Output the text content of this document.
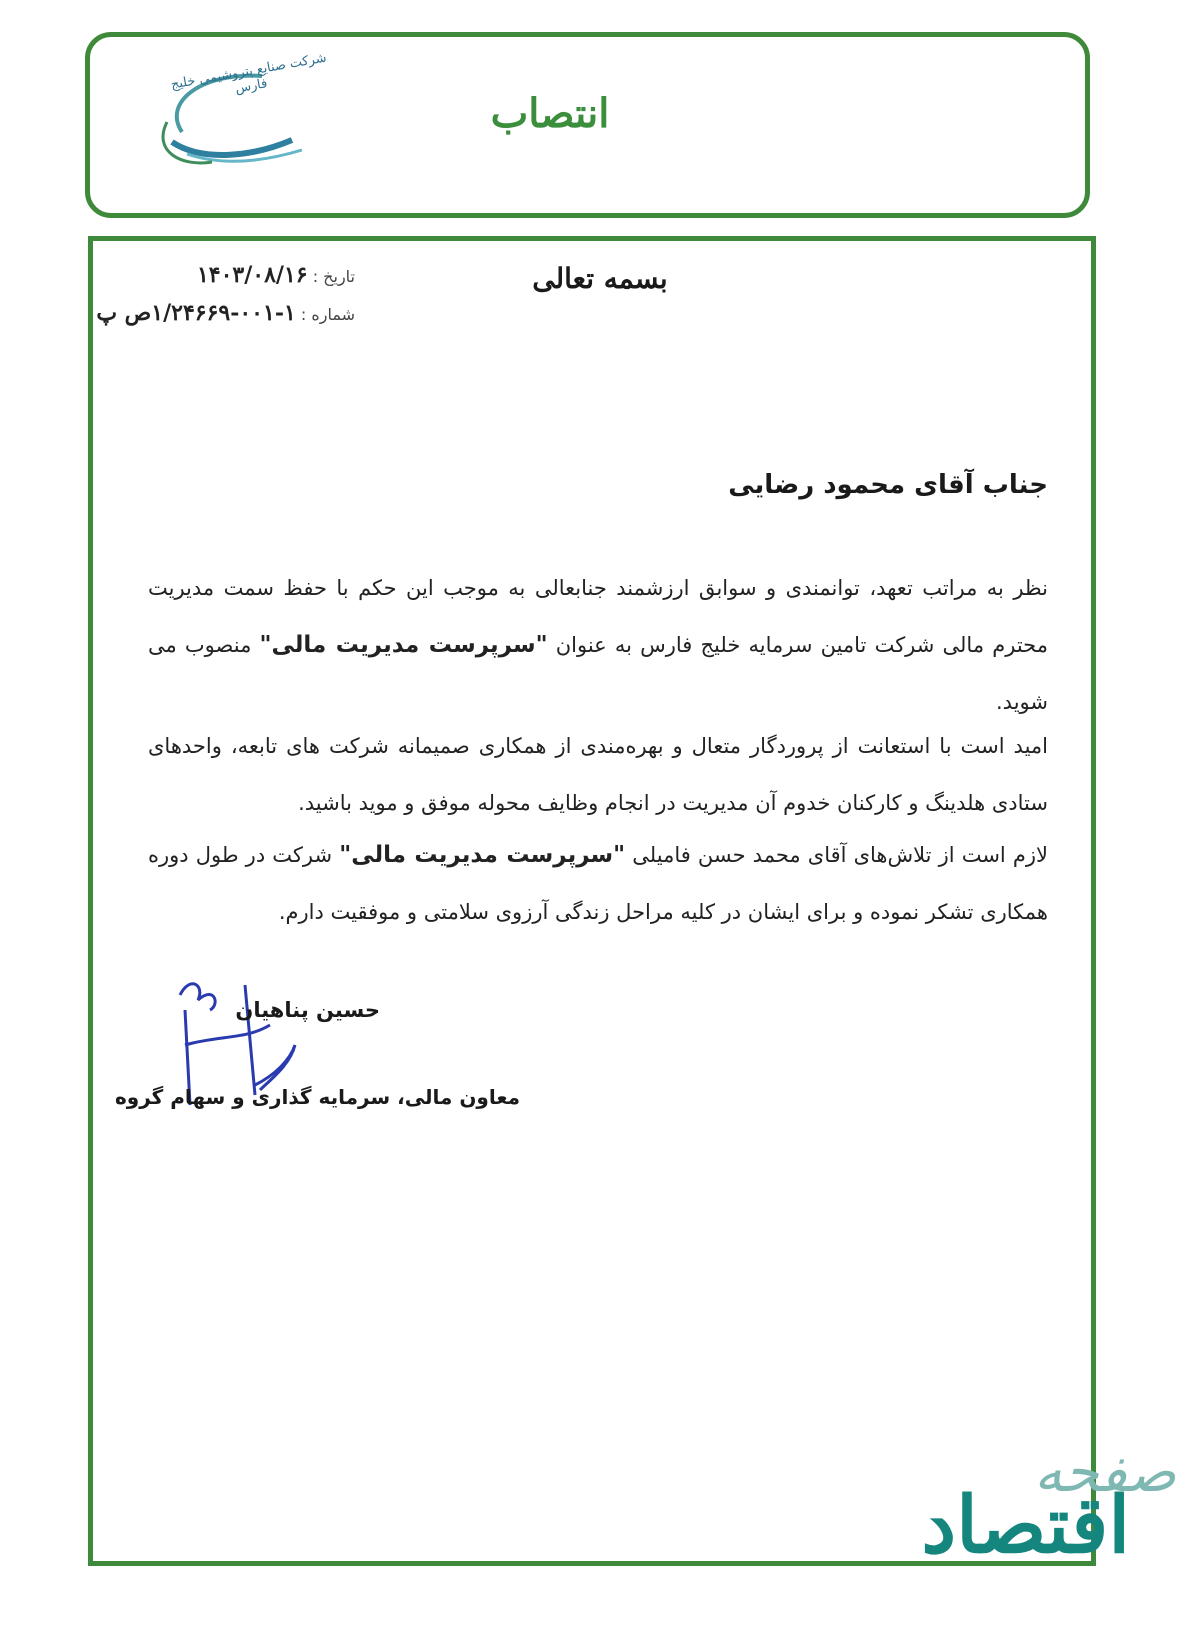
شرکت صنایع پتروشیمی خلیج فارس
انتصاب
بسمه تعالی
تاریخ : ۱۴۰۳/۰۸/۱۶
شماره : ۱-۰۰۱-۱/۲۴۶۶۹ص پ
جناب آقای محمود رضایی
نظر به مراتب تعهد، توانمندی و سوابق ارزشمند جنابعالی به موجب این حکم با حفظ سمت مدیریت محترم مالی شرکت تامین سرمایه خلیج فارس به عنوان "سرپرست مدیریت مالی" منصوب می شوید.
امید است با استعانت از پروردگار متعال و بهره‌مندی از همکاری صمیمانه شرکت های تابعه، واحدهای ستادی هلدینگ و کارکنان خدوم آن مدیریت در انجام وظایف محوله موفق و موید باشید.
لازم است از تلاش‌های آقای محمد حسن فامیلی "سرپرست مدیریت مالی" شرکت در طول دوره همکاری تشکر نموده و برای ایشان در کلیه مراحل زندگی آرزوی سلامتی و موفقیت دارم.
حسین پناهیان
معاون مالی، سرمایه گذاری و سهام گروه
صفحه
اقتصاد
